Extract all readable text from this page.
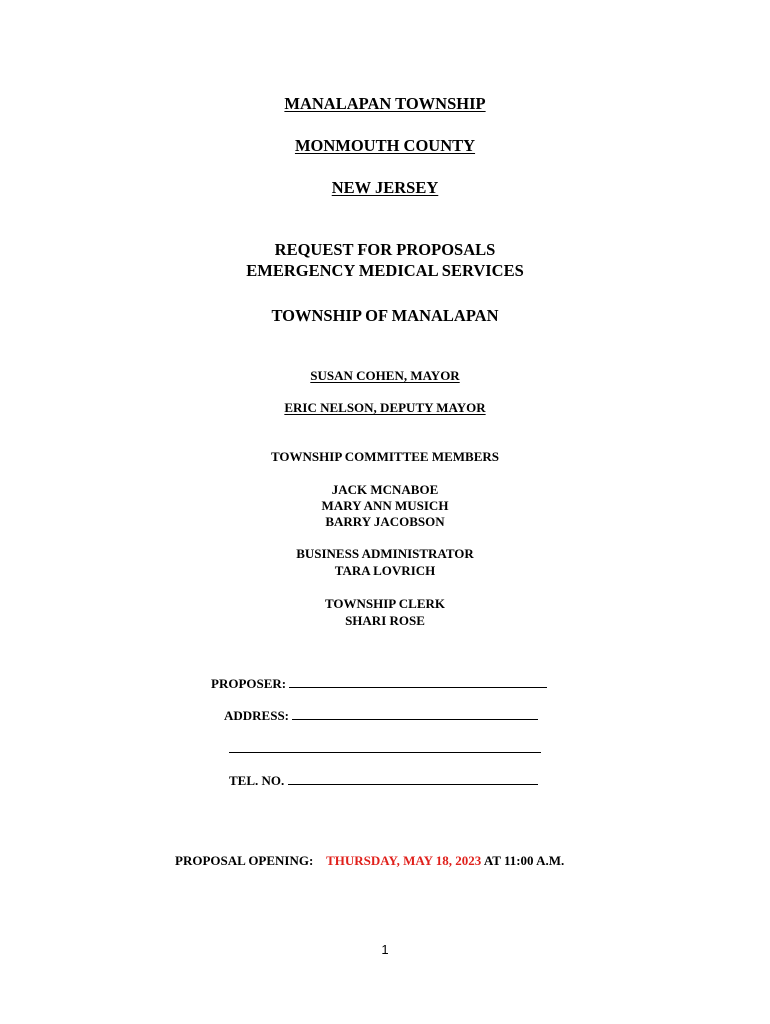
MANALAPAN TOWNSHIP
MONMOUTH COUNTY
NEW JERSEY
REQUEST FOR PROPOSALS
EMERGENCY MEDICAL SERVICES
TOWNSHIP OF MANALAPAN
SUSAN COHEN, MAYOR
ERIC NELSON, DEPUTY MAYOR
TOWNSHIP COMMITTEE MEMBERS
JACK MCNABOE
MARY ANN MUSICH
BARRY JACOBSON
BUSINESS ADMINISTRATOR
TARA LOVRICH
TOWNSHIP CLERK
SHARI ROSE
PROPOSER:
ADDRESS:
TEL. NO.
PROPOSAL OPENING: THURSDAY, MAY 18, 2023 AT 11:00 A.M.
1
